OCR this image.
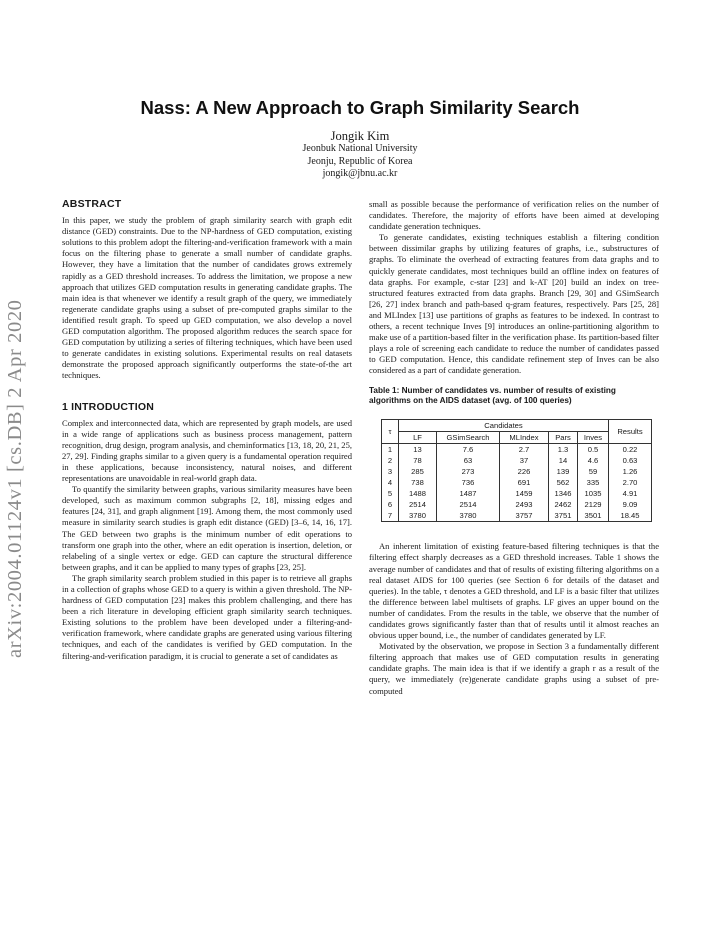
arXiv:2004.01124v1 [cs.DB] 2 Apr 2020
Nass: A New Approach to Graph Similarity Search
Jongik Kim
Jeonbuk National University
Jeonju, Republic of Korea
jongik@jbnu.ac.kr
ABSTRACT

In this paper, we study the problem of graph similarity search with graph edit distance (GED) constraints. Due to the NP-hardness of GED computation, existing solutions to this problem adopt the filtering-and-verification framework with a main focus on the filtering phase to generate a small number of candidate graphs. However, they have a limitation that the number of candidates grows extremely rapidly as a GED threshold increases. To address the limitation, we propose a new approach that utilizes GED computation results in generating candidate graphs. The main idea is that whenever we identify a result graph of the query, we immediately regenerate candidate graphs using a subset of pre-computed graphs similar to the identified result graph. To speed up GED computation, we also develop a novel GED computation algorithm. The proposed algorithm reduces the search space for GED computation by utilizing a series of filtering techniques, which have been used to generate candidates in existing solutions. Experimental results on real datasets demonstrate the proposed approach significantly outperforms the state-of-the art techniques.

1 INTRODUCTION

Complex and interconnected data, which are represented by graph models, are used in a wide range of applications such as business process management, pattern recognition, drug design, program analysis, and cheminformatics [13, 18, 20, 21, 25, 27, 29]. Finding graphs similar to a given query is a fundamental operation required in these applications, because inconsistency, natural noises, and different representations are unavoidable in real-world graph data.

To quantify the similarity between graphs, various similarity measures have been developed, such as maximum common subgraphs [2, 18], missing edges and features [24, 31], and graph alignment [19]. Among them, the most commonly used measure in similarity search studies is graph edit distance (GED) [3–6, 14, 16, 17]. The GED between two graphs is the minimum number of edit operations to transform one graph into the other, where an edit operation is insertion, deletion, or relabeling of a single vertex or edge. GED can capture the structural difference between graphs, and it can be applied to many types of graphs [23, 25].

The graph similarity search problem studied in this paper is to retrieve all graphs in a collection of graphs whose GED to a query is within a given threshold. The NP-hardness of GED computation [23] makes this problem challenging, and there has been a rich literature in developing efficient graph similarity search techniques. Existing solutions to the problem have been developed under a filtering-and-verification framework, where candidate graphs are generated using various filtering techniques, and each of the candidates is verified by GED computation. In the filtering-and-verification paradigm, it is crucial to generate a set of candidates as

small as possible because the performance of verification relies on the number of candidates. Therefore, the majority of efforts have been aimed at developing candidate generation techniques.

To generate candidates, existing techniques establish a filtering condition between dissimilar graphs by utilizing features of graphs, i.e., substructures of graphs. To eliminate the overhead of extracting features from data graphs and to quickly generate candidates, most techniques build an offline index on features of data graphs. For example, c-star [23] and k-AT [20] build an index on tree-structured features extracted from data graphs. Branch [29, 30] and GSimSearch [26, 27] index branch and path-based q-gram features, respectively. Pars [25, 28] and MLIndex [13] use partitions of graphs as features to be indexed. In contrast to others, a recent technique Inves [9] introduces an online-partitioning algorithm to make use of a partition-based filter in the verification phase. Its partition-based filter plays a role of screening each candidate to reduce the number of candidates passed to GED computation. Hence, this candidate refinement step of Inves can be also considered as a part of candidate generation.

Table 1: Number of candidates vs. number of results of existing algorithms on the AIDS dataset (avg. of 100 queries)

τ	Candidates					Results
	LF	GSimSearch	MLIndex	Pars	Inves	
1	13	7.6	2.7	1.3	0.5	0.22
2	78	63	37	14	4.6	0.63
3	285	273	226	139	59	1.26
4	738	736	691	562	335	2.70
5	1488	1487	1459	1346	1035	4.91
6	2514	2514	2493	2462	2129	9.09
7	3780	3780	3757	3751	3501	18.45

An inherent limitation of existing feature-based filtering techniques is that the filtering effect sharply decreases as a GED threshold increases. Table 1 shows the average number of candidates and that of results of existing filtering algorithms on a real dataset AIDS for 100 queries (see Section 6 for details of the dataset and queries). In the table, τ denotes a GED threshold, and LF is a basic filter that utilizes the difference between label multisets of graphs. LF gives an upper bound on the number of candidates. From the results in the table, we observe that the number of candidates grows significantly faster than that of results until it almost reaches an obvious upper bound, i.e., the number of candidates generated by LF.

Motivated by the observation, we propose in Section 3 a fundamentally different filtering approach that makes use of GED computation results in generating candidate graphs. The main idea is that if we identify a graph r as a result of the query, we immediately (re)generate candidate graphs using a subset of pre-computed
